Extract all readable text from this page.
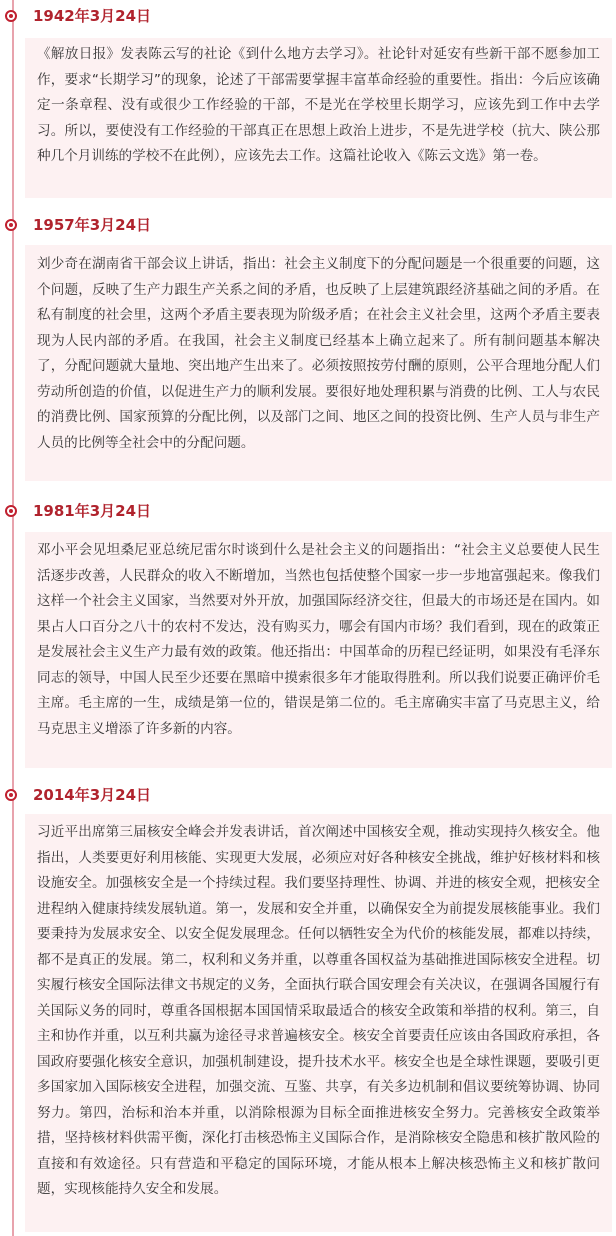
1942年3月24日
《解放日报》发表陈云写的社论《到什么地方去学习》。社论针对延安有些新干部不愿参加工作，要求“长期学习”的现象，论述了干部需要掌握丰富革命经验的重要性。指出：今后应该确定一条章程、没有或很少工作经验的干部，不是光在学校里长期学习，应该先到工作中去学习。所以，要使没有工作经验的干部真正在思想上政治上进步，不是先进学校（抗大、陕公那种几个月训练的学校不在此例），应该先去工作。这篇社论收入《陈云文选》第一卷。
1957年3月24日
刘少奇在湖南省干部会议上讲话，指出：社会主义制度下的分配问题是一个很重要的问题，这个问题，反映了生产力跟生产关系之间的矛盾，也反映了上层建筑跟经济基础之间的矛盾。在私有制度的社会里，这两个矛盾主要表现为阶级矛盾；在社会主义社会里，这两个矛盾主要表现为人民内部的矛盾。在我国，社会主义制度已经基本上确立起来了。所有制问题基本解决了，分配问题就大量地、突出地产生出来了。必须按照按劳付酬的原则，公平合理地分配人们劳动所创造的价值，以促进生产力的顺利发展。要很好地处理积累与消费的比例、工人与农民的消费比例、国家预算的分配比例，以及部门之间、地区之间的投资比例、生产人员与非生产人员的比例等全社会中的分配问题。
1981年3月24日
邓小平会见坦桑尼亚总统尼雷尔时谈到什么是社会主义的问题指出：“社会主义总要使人民生活逐步改善，人民群众的收入不断增加，当然也包括使整个国家一步一步地富强起来。像我们这样一个社会主义国家，当然要对外开放，加强国际经济交往，但最大的市场还是在国内。如果占人口百分之八十的农村不发达，没有购买力，哪会有国内市场？我们看到，现在的政策正是发展社会主义生产力最有效的政策。他还指出：中国革命的历程已经证明，如果没有毛泽东同志的领导，中国人民至少还要在黑暗中摸索很多年才能取得胜利。所以我们说要正确评价毛主席。毛主席的一生，成绩是第一位的，错误是第二位的。毛主席确实丰富了马克思主义，给马克思主义增添了许多新的内容。
2014年3月24日
习近平出席第三届核安全峰会并发表讲话，首次阐述中国核安全观，推动实现持久核安全。他指出，人类要更好利用核能、实现更大发展，必须应对好各种核安全挑战，维护好核材料和核设施安全。加强核安全是一个持续过程。我们要坚持理性、协调、并进的核安全观，把核安全进程纳入健康持续发展轨道。第一，发展和安全并重，以确保安全为前提发展核能事业。我们要秉持为发展求安全、以安全促发展理念。任何以牺牲安全为代价的核能发展，都难以持续，都不是真正的发展。第二，权利和义务并重，以尊重各国权益为基础推进国际核安全进程。切实履行核安全国际法律文书规定的义务，全面执行联合国安理会有关决议，在强调各国履行有关国际义务的同时，尊重各国根据本国国情采取最适合的核安全政策和举措的权利。第三，自主和协作并重，以互利共赢为途径寻求普遍核安全。核安全首要责任应该由各国政府承担，各国政府要强化核安全意识，加强机制建设，提升技术水平。核安全也是全球性课题，要吸引更多国家加入国际核安全进程，加强交流、互鉴、共享，有关多边机制和倡议要统筹协调、协同努力。第四，治标和治本并重，以消除根源为目标全面推进核安全努力。完善核安全政策举措，坚持核材料供需平衡，深化打击核恐怖主义国际合作，是消除核安全隐患和核扩散风险的直接和有效途径。只有营造和平稳定的国际环境，才能从根本上解决核恐怖主义和核扩散问题，实现核能持久安全和发展。
